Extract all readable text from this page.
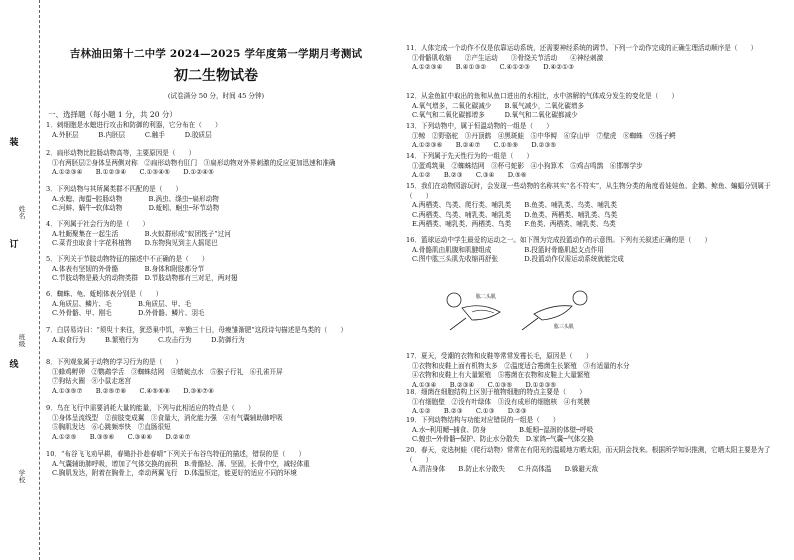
装
姓名
订
班级
线
学校
吉林油田第十二中学 2024—2025 学年度第一学期月考测试
初二生物试卷
(试卷满分 50 分，时间 45 分钟)
一、选择题（每小题 1 分，共 20 分）
1．刺细胞是水螅进行攻击和防御的利器，它分布在（　　）
A.外胚层　　　B.内胚层　　　C.触手　　　D.胶质层
2．扁形动物比腔肠动物高等，主要原因是（　　）
①有两胚层②身体呈两侧对称　②扁形动物有肛门　③扁形动物对外界刺激的反应更加迅速和准确
A.①②③④　　B.①②③④　　C.①③④⑤　　D.①②④⑤
3．下列动物与其所属类群不匹配的是（　　）
A.水螅、海蜇─腔肠动物　　　　B.涡虫、绦虫─扁形动物
C.河蚌、蜗牛─软体动物　　　　D.蚯蚓、蛔虫─环节动物
4．下列属于社会行为的是（　　）
A.牡蛎聚集在一起生活　　　　B.火蚁群形成“蚁团筏子”过河
C.菜青虫取食十字花科植物　　D.东物狗见到主人摇尾巴
5．下列关于节肢动物特征的描述中不正确的是（　　）
A.体表有坚韧的外骨骼　　　　B.身体和附肢都分节
C.节肢动物是最大的动物类群　D.节肢动物都有三对足，两对翅
6．蜘蛛、龟、蚯蚓体表分别是（　　）
A.角质层、鳞片、毛　　　　B.角质层、甲、毛
C.外骨骼、甲、刚毛　　　　D.外骨骼、鳞片、羽毛
7．白居易诗曰：“须臾十来往，犹恐巢中饥，辛勤三十日，母瘦雏渐肥”这段诗句描述是鸟类的（　　）
A.取食行为　　　B.繁殖行为　　　C.攻击行为　　　D.防御行为
8．下列观象属于动物的学习行为的是（　　）
①蜂鸡孵卵　②鹦鹉学舌　③蜘蛛结网　④蜻蜓点水　⑤猴子行礼　⑥孔雀开屏
⑦狗钻火圈　⑧小鼠走迷宫
A.①③⑤⑦　　B.②⑤⑦⑧　　C.④⑤⑥⑧　　D.③⑥⑦⑧
9．鸟在飞行中需要消耗大量的能量，下列与此相适应的特点是（　　）
①身体呈流线型　②前肢变成翼　③食量大，消化能力强　④有气囊辅助肺呼吸
⑤胸肌发达　⑥心跳频率快　⑦直肠很短
A.①②⑤　　B.③⑤⑥　　C.③④⑥　　D.②④⑦
10．“布谷飞飞劝早耕，春锄扑扑趁春晴”下列关于布谷鸟特征的描述，错误的是（　　）
A.气囊辅助肺呼吸，增加了气体交换的面积　B.骨骼轻、薄、坚固，长骨中空，减轻体重
C.胸肌发达，附着在胸骨上，牵动两翼飞行　D.体温恒定，能更好的适应不同的环境
11．人体完成一个动作不仅是依靠运动系统，还需要神经系统的调节。下列一个动作完成的正确生理活动顺序是（　　）
①骨骼肌收缩　　②产生运动　　③骨绕关节活动　　④神经刺激
A.①②③④　　B.④①③②　　C.④①②③　　D.④②①③
12．从金鱼缸中取出的鱼和从鱼口进出的水相比，水中溶解的气体成分发生的变化是（　　）
A.氧气增多，二氧化碳减少　　B.氧气减少，二氧化碳增多
C.氧气和二氧化碳都增多　　　D.氧气和二氧化碳都减少
13．下列动物中，属于恒温动物的一组是（　　）
①鲸　②野骆驼　③丹顶鹤　④黑斑蛙　⑤中华鲟　⑥穿山甲　⑦壁虎　⑧蜘蛛　⑨扬子鳄
A.①②③⑥　　B.②④⑦　　C.①⑤⑨　　D.②③⑤
14．下列属于先天性行为的一组是（　　）
①蛋鸡筑巢　②蜘蛛结网　③杯弓蛇影　④小狗算术　⑤鸡吉鸣鹊　⑥邯郸学步
A.①②　　B.②③　　C.③④　　D.⑤⑥
15．我们在动物园游玩时，会发现一些动物的名称其实“名不符实”，从生物分类的角度看娃娃鱼、企鹅、鲸鱼、蝙蝠分别属于（　　）
A.两栖类、鸟类、爬行类、哺乳类　　B.鱼类、哺乳类、鸟类、哺乳类
C.两栖类、鸟类、哺乳类、哺乳类　　D.鱼类、两栖类、哺乳类、鸟类
E.两栖类、哺乳类、两栖类、鸟类　　F.鱼类、两栖类、哺乳类、鸟类
16．篮球运动中学生最爱的运动之一。如下图为完成投篮动作的示意图。下列有关叙述正确的是（　　）
A.骨骼肌由肌腹和肌腱组成　　　　　B.投篮时骨骼肌起支点作用
C.图中肱三头肌先收缩再舒张　　　　D.投篮动作仅需运动系统就能完成
17．夏天，受潮的衣物和皮鞋等常常发霉长毛，原因是（　　）
①衣物和皮鞋上面有机物太多　②温度适合霉菌生长繁殖　③有适量的水分
④衣物和皮鞋上有大量繁殖　⑤霉菌在衣物和皮鞋上大量繁殖
A.①③④　　B.②③④　　C.①③⑤　　D.①②③⑤
18．细菌在细胞结构上区别于植物细胞的特点主要是（　　）
①有细胞壁　②没有叶绿体　③没有成形的细胞核　④有荚膜
A.①②　　B.②③　　C.①③　　D.②③
19．下列动物结构与功能对应错误的一组是（　　）
A.水─利用鳃─捕食、防身　　　　　B.蚯蚓─湿润的体壁─呼吸
C.蝗虫─外骨骼─保护、防止水分散失　D.家鸽─气囊─气体交换
20．春天，竞选树蛙（爬行动物）常常在有阳光的温暖地方晒太阳，而天阴会找来。根据所学知识推测，它晒太阳主要是为了（　　）
A.清洁身体　　B.防止水分散失　　C.升高体温　　D.躲避天敌
肱二头肌
肱三头肌
